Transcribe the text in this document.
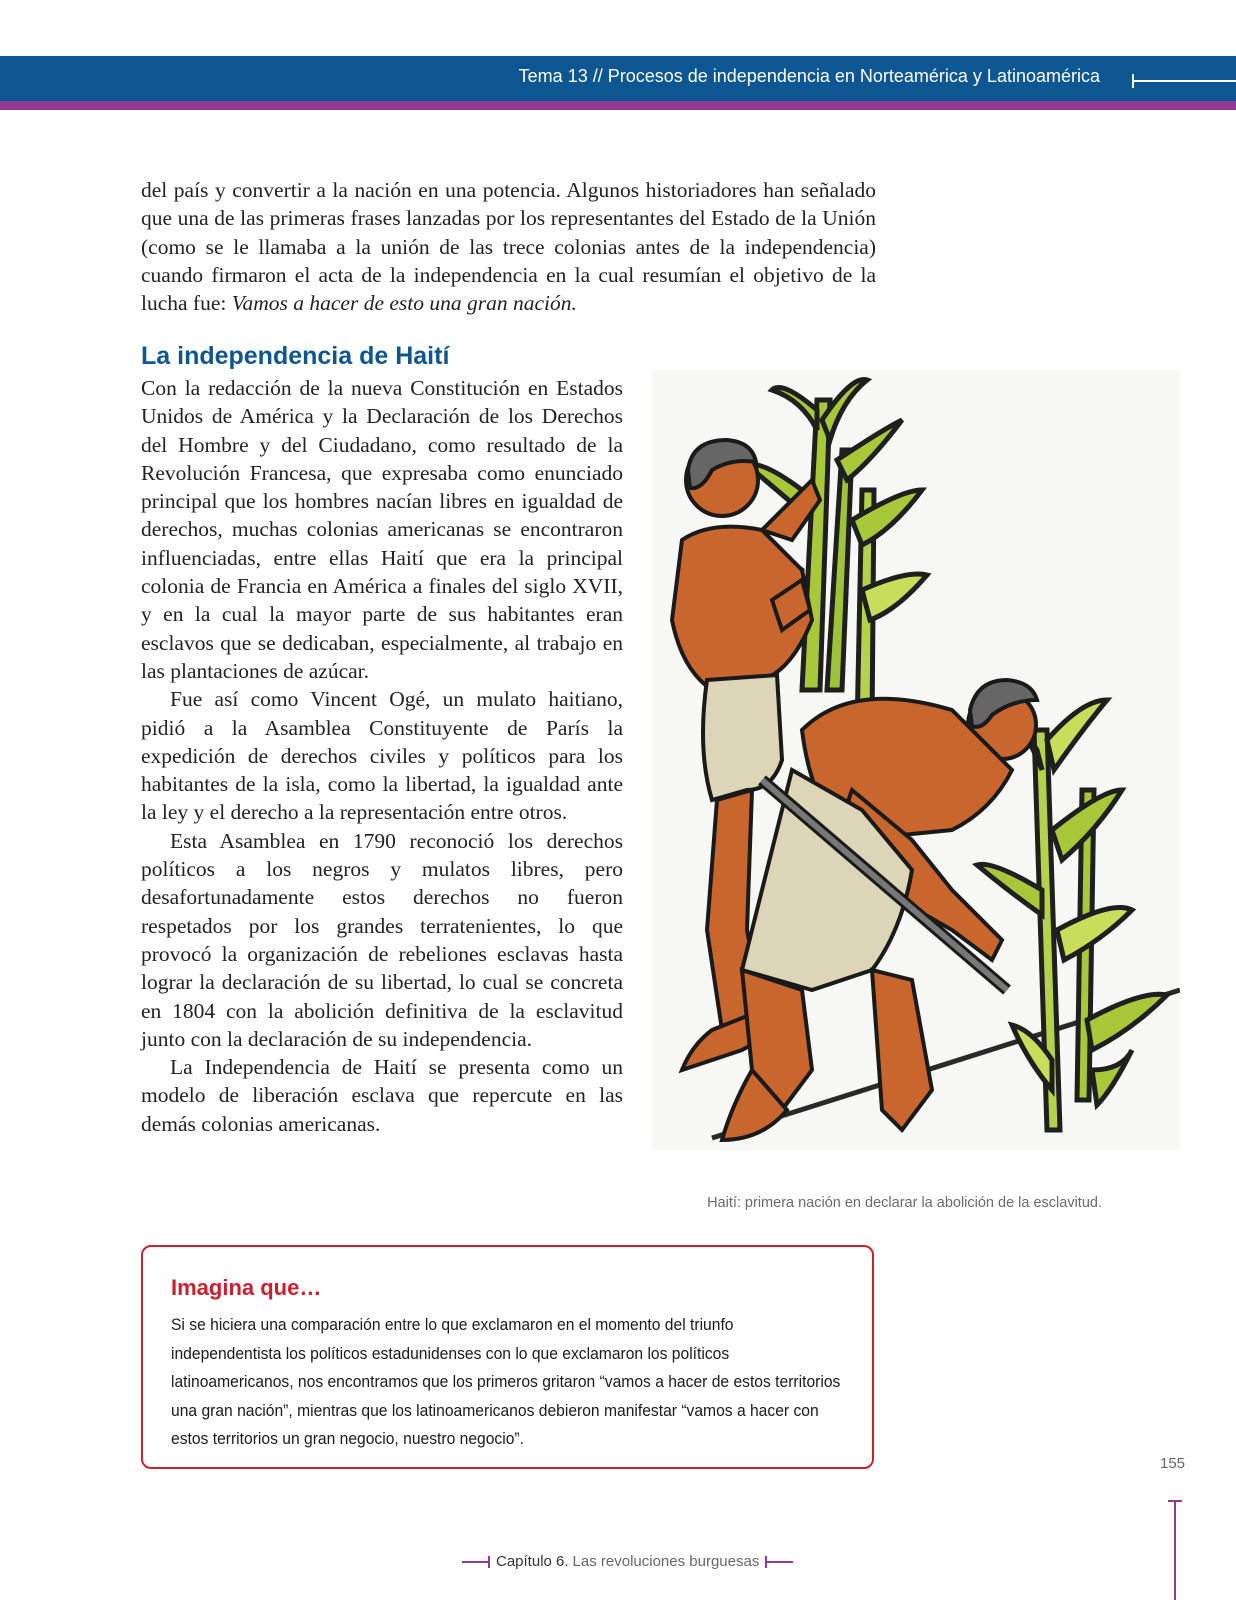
Tema 13 // Procesos de independencia en Norteamérica y Latinoamérica

del país y convertir a la nación en una potencia. Algunos historiadores han señalado que una de las primeras frases lanzadas por los representantes del Estado de la Unión (como se le llamaba a la unión de las trece colonias antes de la independencia) cuando firmaron el acta de la independencia en la cual resumían el objetivo de la lucha fue: Vamos a hacer de esto una gran nación.

La independencia de Haití

Con la redacción de la nueva Constitución en Estados Unidos de América y la Declaración de los Derechos del Hombre y del Ciudadano, como resultado de la Revolución Francesa, que expresaba como enunciado principal que los hombres nacían libres en igualdad de derechos, muchas colonias americanas se encontraron influenciadas, entre ellas Haití que era la principal colonia de Francia en América a finales del siglo XVII, y en la cual la mayor parte de sus habitantes eran esclavos que se dedicaban, especialmente, al trabajo en las plantaciones de azúcar.

Fue así como Vincent Ogé, un mulato haitiano, pidió a la Asamblea Constituyente de París la expedición de derechos civiles y políticos para los habitantes de la isla, como la libertad, la igualdad ante la ley y el derecho a la representación entre otros.

Esta Asamblea en 1790 reconoció los derechos políticos a los negros y mulatos libres, pero desafortunadamente estos derechos no fueron respetados por los grandes terratenientes, lo que provocó la organización de rebeliones esclavas hasta lograr la declaración de su libertad, lo cual se concreta en 1804 con la abolición definitiva de la esclavitud junto con la declaración de su independencia.

La Independencia de Haití se presenta como un modelo de liberación esclava que repercute en las demás colonias americanas.

Haití: primera nación en declarar la abolición de la esclavitud.
Imagina que…
Si se hiciera una comparación entre lo que exclamaron en el momento del triunfo independentista los políticos estadunidenses con lo que exclamaron los políticos latinoamericanos, nos encontramos que los primeros gritaron “vamos a hacer de estos territorios una gran nación”, mientras que los latinoamericanos debieron manifestar “vamos a hacer con estos territorios un gran negocio, nuestro negocio”.
155
Capítulo 6. Las revoluciones burguesas
